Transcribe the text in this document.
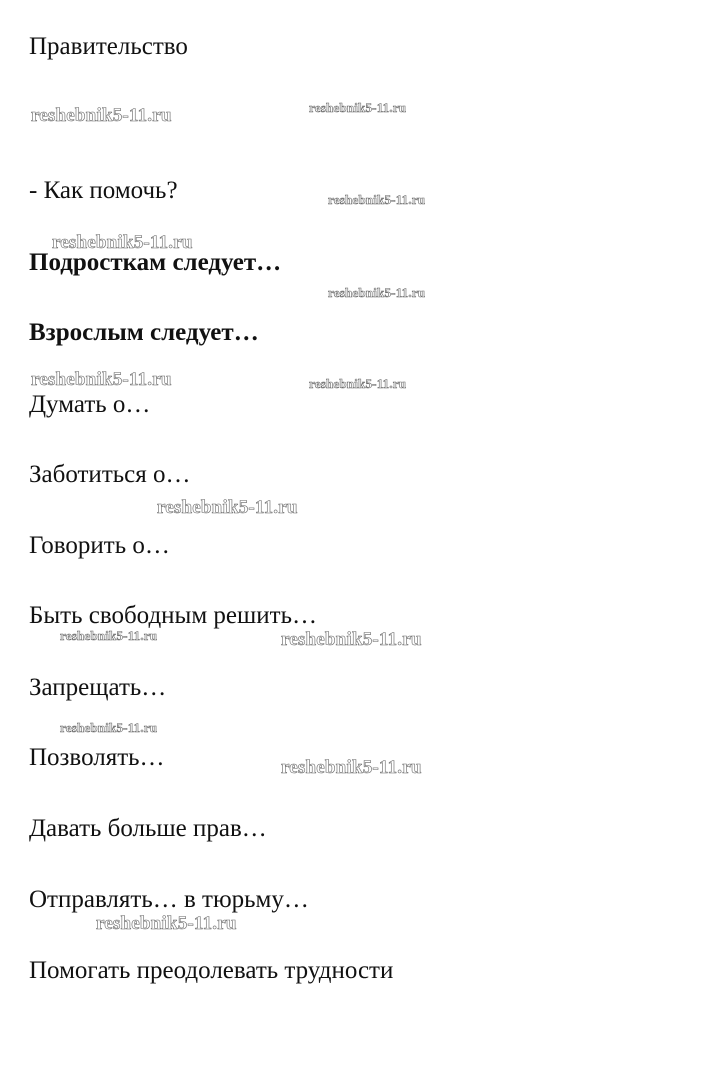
Правительство

- Как помочь?

Подросткам следует…

Взрослым следует…

Думать о…

Заботиться о…

Говорить о…

Быть свободным решить…

Запрещать…

Позволять…

Давать больше прав…

Отправлять… в тюрьму…

Помогать преодолевать трудности

reshebnik5-11.ru	reshebnik5-11.ru
reshebnik5-11.ru
reshebnik5-11.ru
reshebnik5-11.ru
reshebnik5-11.ru	reshebnik5-11.ru
reshebnik5-11.ru
reshebnik5-11.ru	reshebnik5-11.ru
reshebnik5-11.ru
reshebnik5-11.ru
reshebnik5-11.ru
